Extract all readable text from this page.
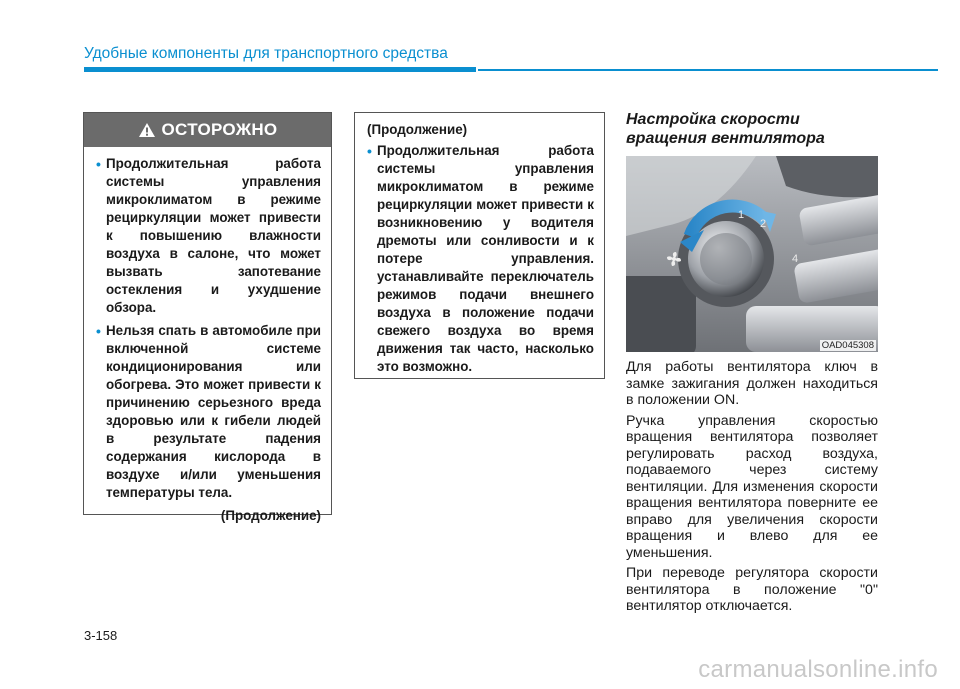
Удобные компоненты для транспортного средства
ОСТОРОЖНО
• Продолжительная работа системы управления микроклиматом в режиме рециркуляции может привести к повышению влажности воздуха в салоне, что может вызвать запотевание остекления и ухудшение обзора.
• Нельзя спать в автомобиле при включенной системе кондиционирования или обогрева. Это может привести к причинению серьезного вреда здоровью или к гибели людей в результате падения содержания кислорода в воздухе и/или уменьшения температуры тела.
(Продолжение)
(Продолжение)
• Продолжительная работа системы управления микроклиматом в режиме рециркуляции может привести к возникновению у водителя дремоты или сонливости и к потере управления. устанавливайте переключатель режимов подачи внешнего воздуха в положение подачи свежего воздуха во время движения так часто, насколько это возможно.
Настройка скорости вращения вентилятора
1
2
4
OAD045308

Для работы вентилятора ключ в замке зажигания должен находиться в положении ON.

Ручка управления скоростью вращения вентилятора позволяет регулировать расход воздуха, подаваемого через систему вентиляции. Для изменения скорости вращения вентилятора поверните ее вправо для увеличения скорости вращения и влево для ее уменьшения.

При переводе регулятора скорости вентилятора в положение "0" вентилятор отключается.

3-158
carmanualsonline.info
